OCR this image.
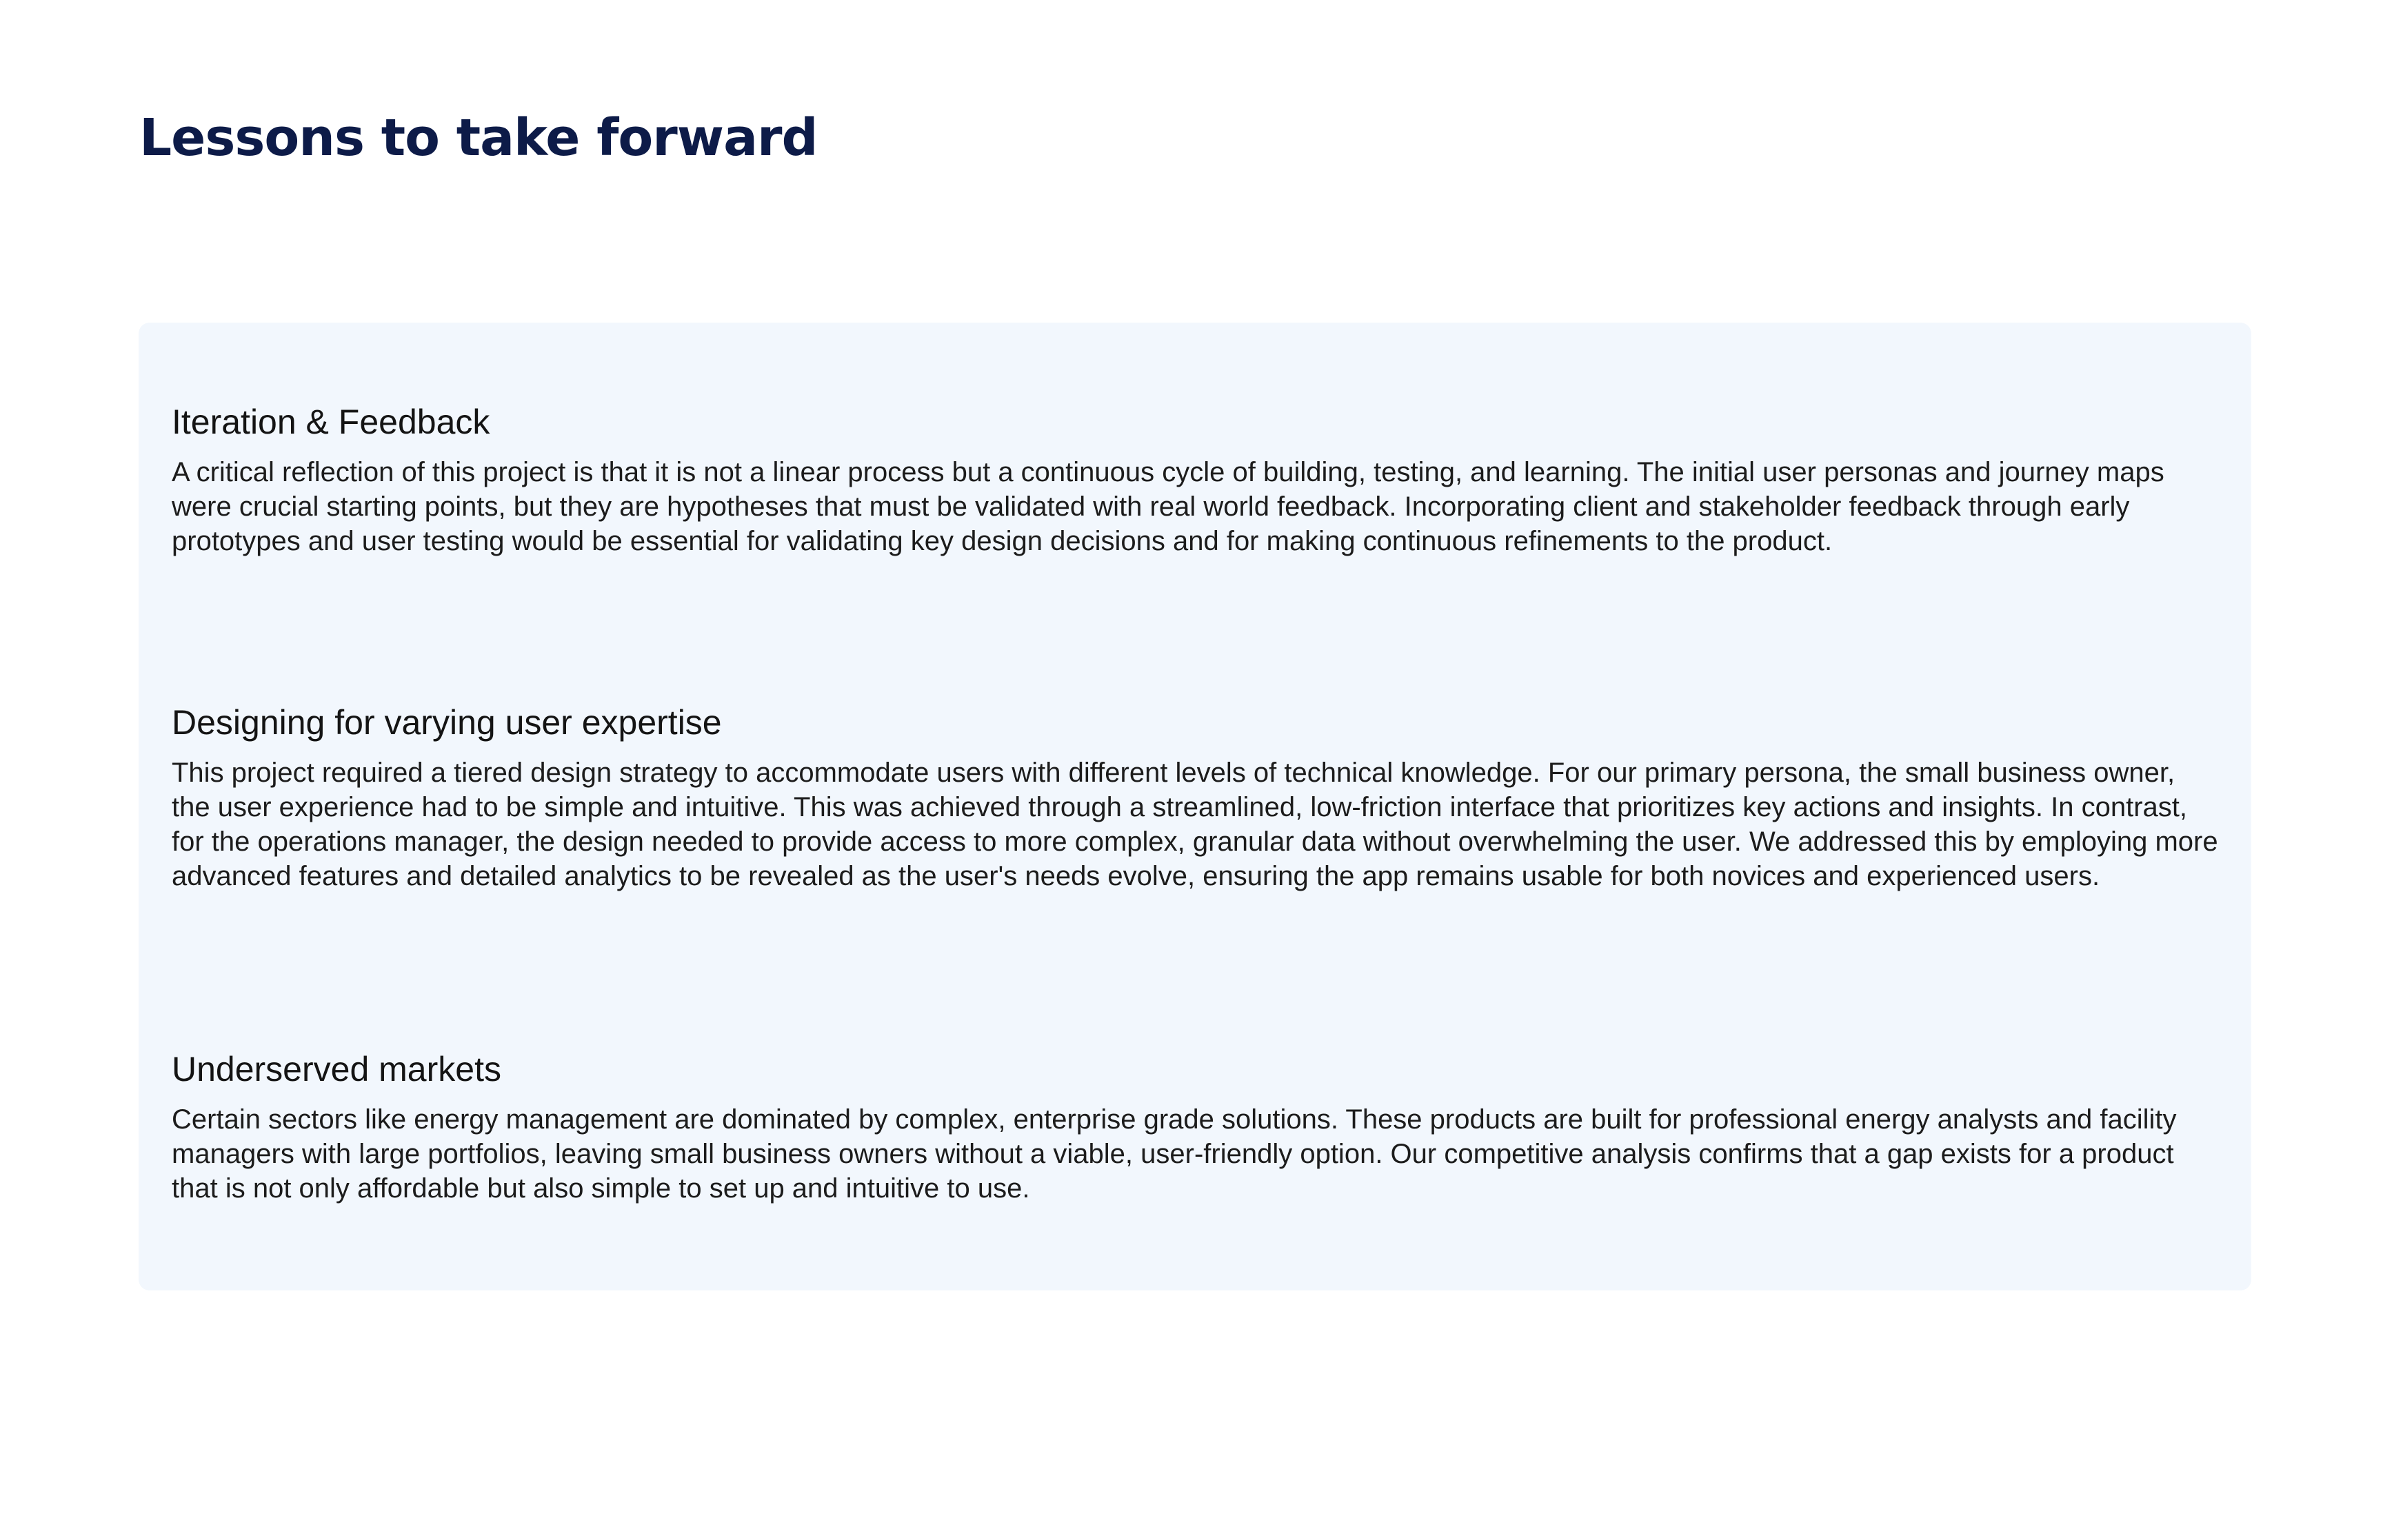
Lessons to take forward
Iteration & Feedback

A critical reflection of this project is that it is not a linear process but a continuous cycle of building, testing, and learning. The initial user personas and journey maps were crucial starting points, but they are hypotheses that must be validated with real world feedback. Incorporating client and stakeholder feedback through early prototypes and user testing would be essential for validating key design decisions and for making continuous refinements to the product.

Designing for varying user expertise

This project required a tiered design strategy to accommodate users with different levels of technical knowledge. For our primary persona, the small business owner, the user experience had to be simple and intuitive. This was achieved through a streamlined, low-friction interface that prioritizes key actions and insights. In contrast, for the operations manager, the design needed to provide access to more complex, granular data without overwhelming the user. We addressed this by employing more advanced features and detailed analytics to be revealed as the user's needs evolve, ensuring the app remains usable for both novices and experienced users.

Underserved markets

Certain sectors like energy management are dominated by complex, enterprise grade solutions. These products are built for professional energy analysts and facility managers with large portfolios, leaving small business owners without a viable, user-friendly option. Our competitive analysis confirms that a gap exists for a product that is not only affordable but also simple to set up and intuitive to use.
